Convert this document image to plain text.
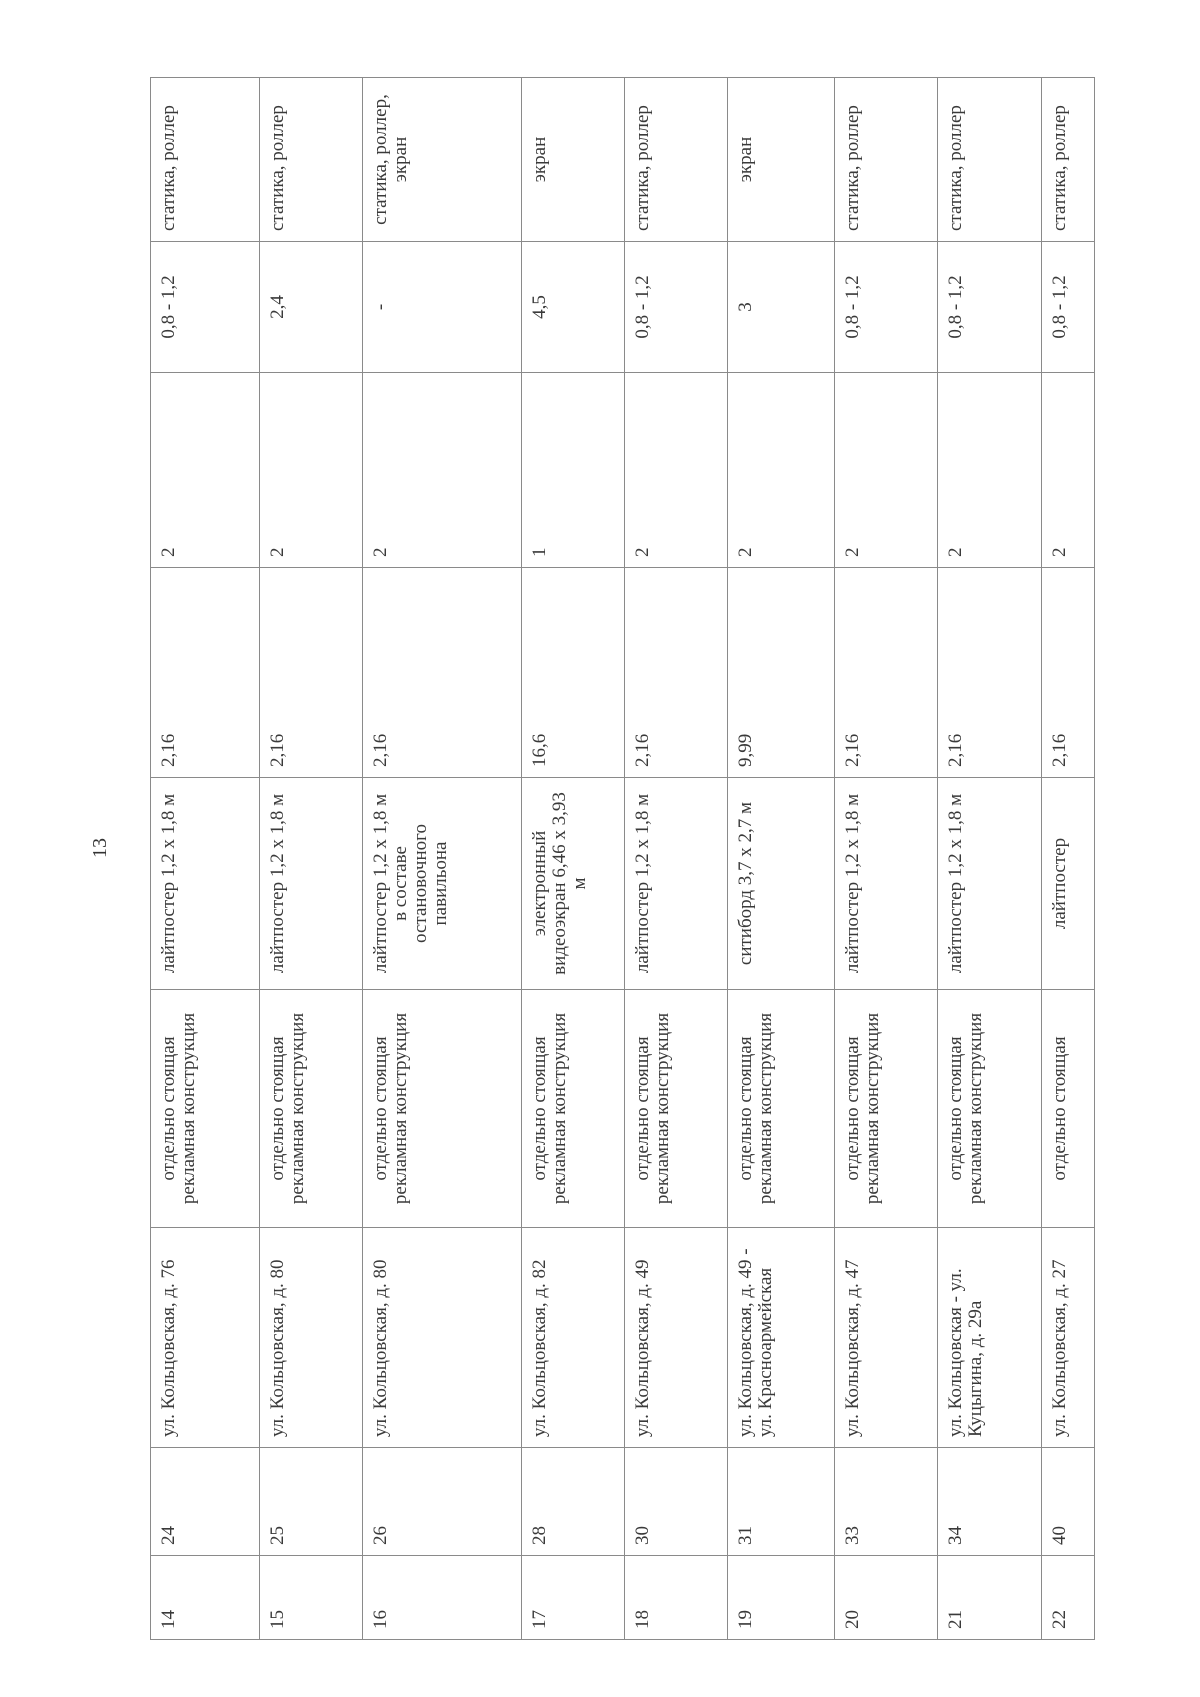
13
14	24	ул. Кольцовская, д. 76	отдельно стоящая рекламная конструкция	лайтпостер 1,2 х 1,8 м	2,16	2	0,8 - 1,2	статика, роллер
15	25	ул. Кольцовская, д. 80	отдельно стоящая рекламная конструкция	лайтпостер 1,2 х 1,8 м	2,16	2	2,4	статика, роллер
16	26	ул. Кольцовская, д. 80	отдельно стоящая рекламная конструкция	лайтпостер 1,2 х 1,8 м в составе остановочного павильона	2,16	2	-	статика, роллер, экран
17	28	ул. Кольцовская, д. 82	отдельно стоящая рекламная конструкция	электронный видеоэкран 6,46 х 3,93 м	16,6	1	4,5	экран
18	30	ул. Кольцовская, д. 49	отдельно стоящая рекламная конструкция	лайтпостер 1,2 х 1,8 м	2,16	2	0,8 - 1,2	статика, роллер
19	31	ул. Кольцовская, д. 49 - ул. Красноармейская	отдельно стоящая рекламная конструкция	ситиборд 3,7 х 2,7 м	9,99	2	3	экран
20	33	ул. Кольцовская, д. 47	отдельно стоящая рекламная конструкция	лайтпостер 1,2 х 1,8 м	2,16	2	0,8 - 1,2	статика, роллер
21	34	ул. Кольцовская - ул. Куцыгина, д. 29а	отдельно стоящая рекламная конструкция	лайтпостер 1,2 х 1,8 м	2,16	2	0,8 - 1,2	статика, роллер
22	40	ул. Кольцовская, д. 27	отдельно стоящая	лайтпостер	2,16	2	0,8 - 1,2	статика, роллер
